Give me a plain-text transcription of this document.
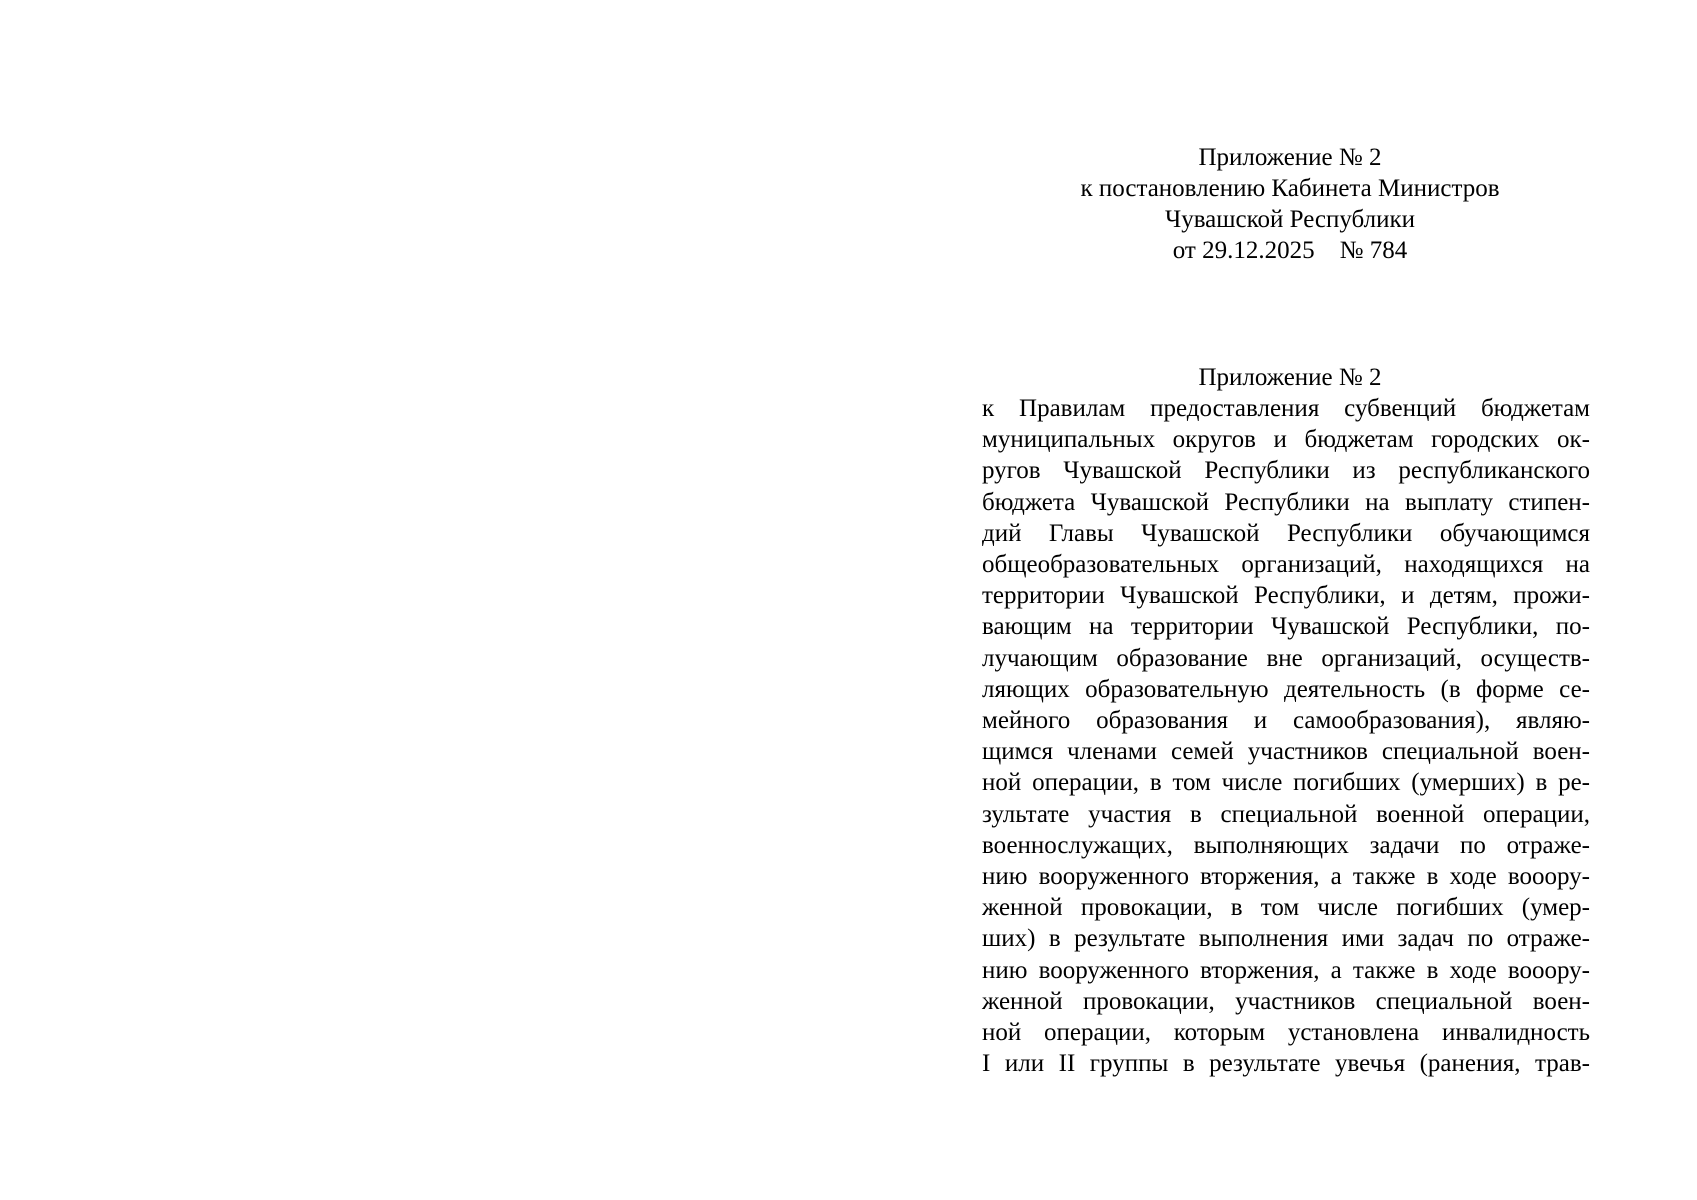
Приложение № 2
к постановлению Кабинета Министров
Чувашской Республики
от 29.12.2025    № 784
Приложение № 2
к Правилам предоставления субвенций бюджетам
муниципальных округов и бюджетам городских ок-
ругов Чувашской Республики из республиканского
бюджета Чувашской Республики на выплату стипен-
дий Главы Чувашской Республики обучающимся
общеобразовательных организаций, находящихся на
территории Чувашской Республики, и детям, прожи-
вающим на территории Чувашской Республики, по-
лучающим образование вне организаций, осуществ-
ляющих образовательную деятельность (в форме се-
мейного образования и самообразования), являю-
щимся членами семей участников специальной воен-
ной операции, в том числе погибших (умерших) в ре-
зультате участия в специальной военной операции,
военнослужащих, выполняющих задачи по отраже-
нию вооруженного вторжения, а также в ходе вооору-
женной провокации, в том числе погибших (умер-
ших) в результате выполнения ими задач по отраже-
нию вооруженного вторжения, а также в ходе вооору-
женной провокации, участников специальной воен-
ной операции, которым установлена инвалидность
I или II группы в результате увечья (ранения, трав-
